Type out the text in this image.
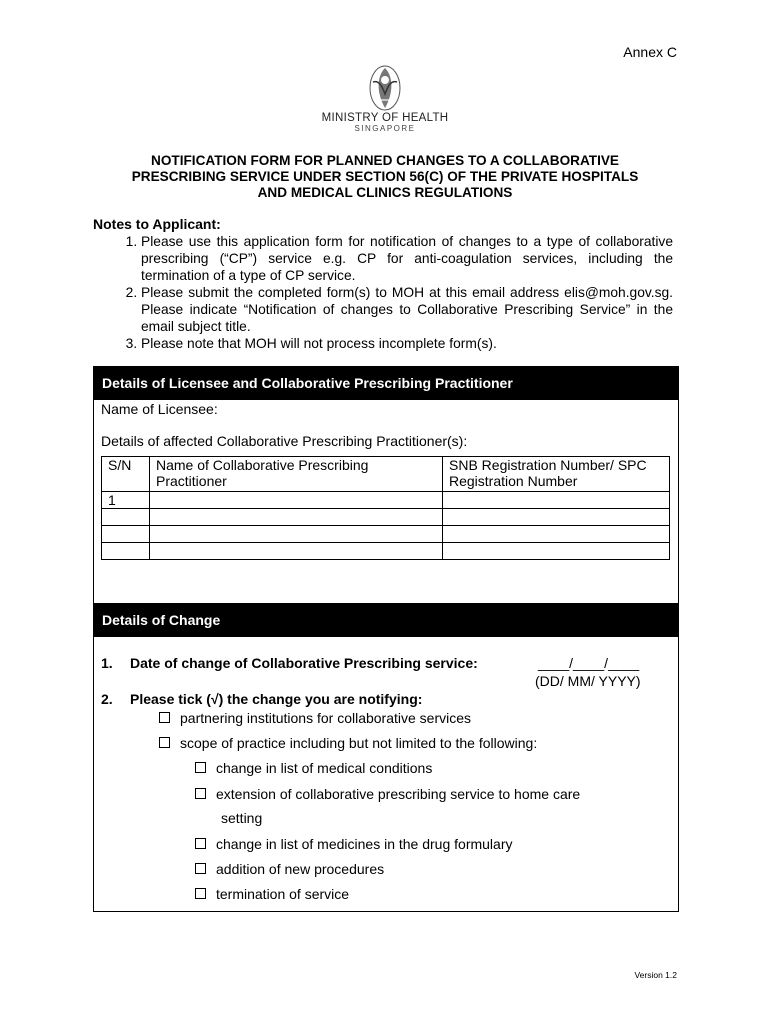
Annex C
MINISTRY OF HEALTH
SINGAPORE
NOTIFICATION FORM FOR PLANNED CHANGES TO A COLLABORATIVE
PRESCRIBING SERVICE UNDER SECTION 56(C) OF THE PRIVATE HOSPITALS
AND MEDICAL CLINICS REGULATIONS
Notes to Applicant:
1. Please use this application form for notification of changes to a type of collaborative prescribing (“CP”) service e.g. CP for anti-coagulation services, including the termination of a type of CP service.
2. Please submit the completed form(s) to MOH at this email address elis@moh.gov.sg. Please indicate “Notification of changes to Collaborative Prescribing Service” in the email subject title.
3. Please note that MOH will not process incomplete form(s).
Details of Licensee and Collaborative Prescribing Practitioner
Name of Licensee:
Details of affected Collaborative Prescribing Practitioner(s):
S/N	Name of Collaborative Prescribing Practitioner	SNB Registration Number/ SPC Registration Number
1		

Details of Change
1. Date of change of Collaborative Prescribing service:	____/____/____
(DD/ MM/ YYYY)
2. Please tick (√) the change you are notifying:
partnering institutions for collaborative services
scope of practice including but not limited to the following:
change in list of medical conditions
extension of collaborative prescribing service to home care
setting
change in list of medicines in the drug formulary
addition of new procedures
termination of service
Version 1.2
